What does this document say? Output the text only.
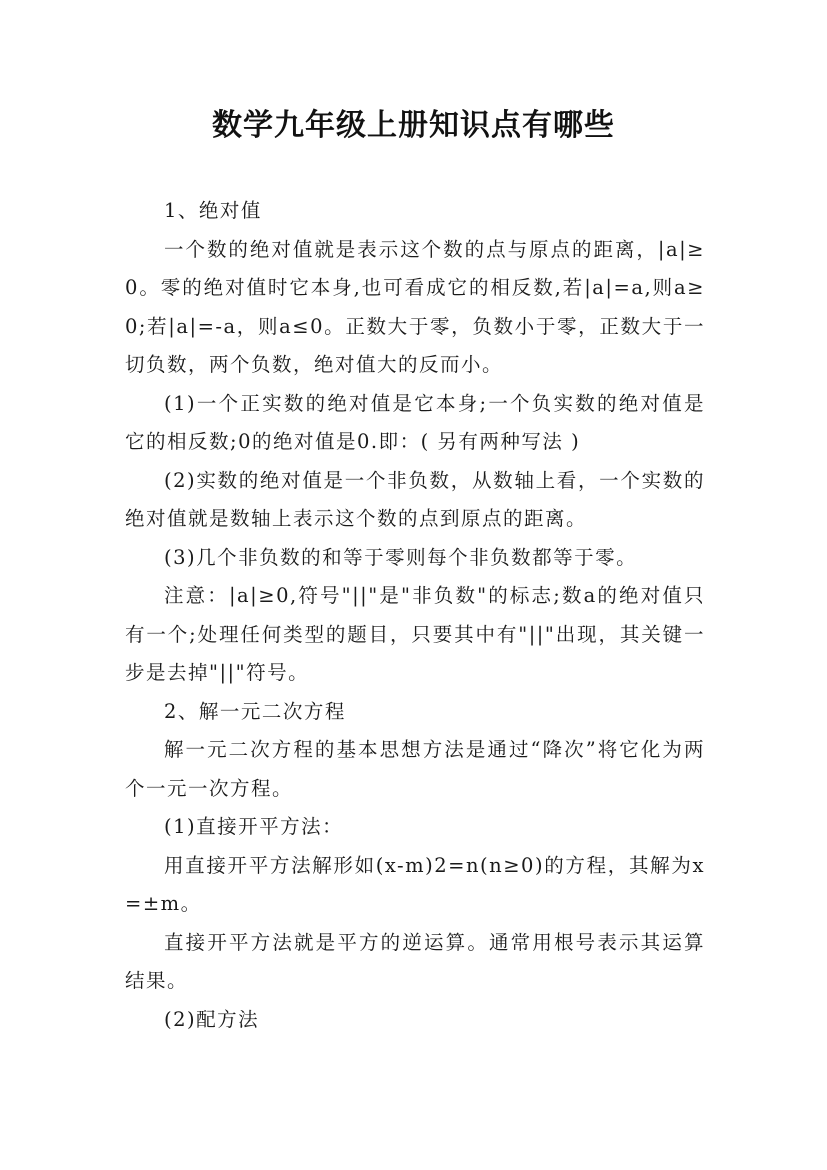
数学九年级上册知识点有哪些

1、绝对值

一个数的绝对值就是表示这个数的点与原点的距离，|a|≥0。零的绝对值时它本身,也可看成它的相反数,若|a|=a,则a≥0;若|a|=-a，则a≤0。正数大于零，负数小于零，正数大于一切负数，两个负数，绝对值大的反而小。

(1)一个正实数的绝对值是它本身;一个负实数的绝对值是它的相反数;0的绝对值是0.即：( 另有两种写法 )

(2)实数的绝对值是一个非负数，从数轴上看，一个实数的绝对值就是数轴上表示这个数的点到原点的距离。

(3)几个非负数的和等于零则每个非负数都等于零。

注意：|a|≥0,符号"||"是"非负数"的标志;数a的绝对值只有一个;处理任何类型的题目，只要其中有"||"出现，其关键一步是去掉"||"符号。

2、解一元二次方程

解一元二次方程的基本思想方法是通过“降次”将它化为两个一元一次方程。

(1)直接开平方法：

用直接开平方法解形如(x-m)2=n(n≥0)的方程，其解为x=±m。

直接开平方法就是平方的逆运算。通常用根号表示其运算结果。

(2)配方法
